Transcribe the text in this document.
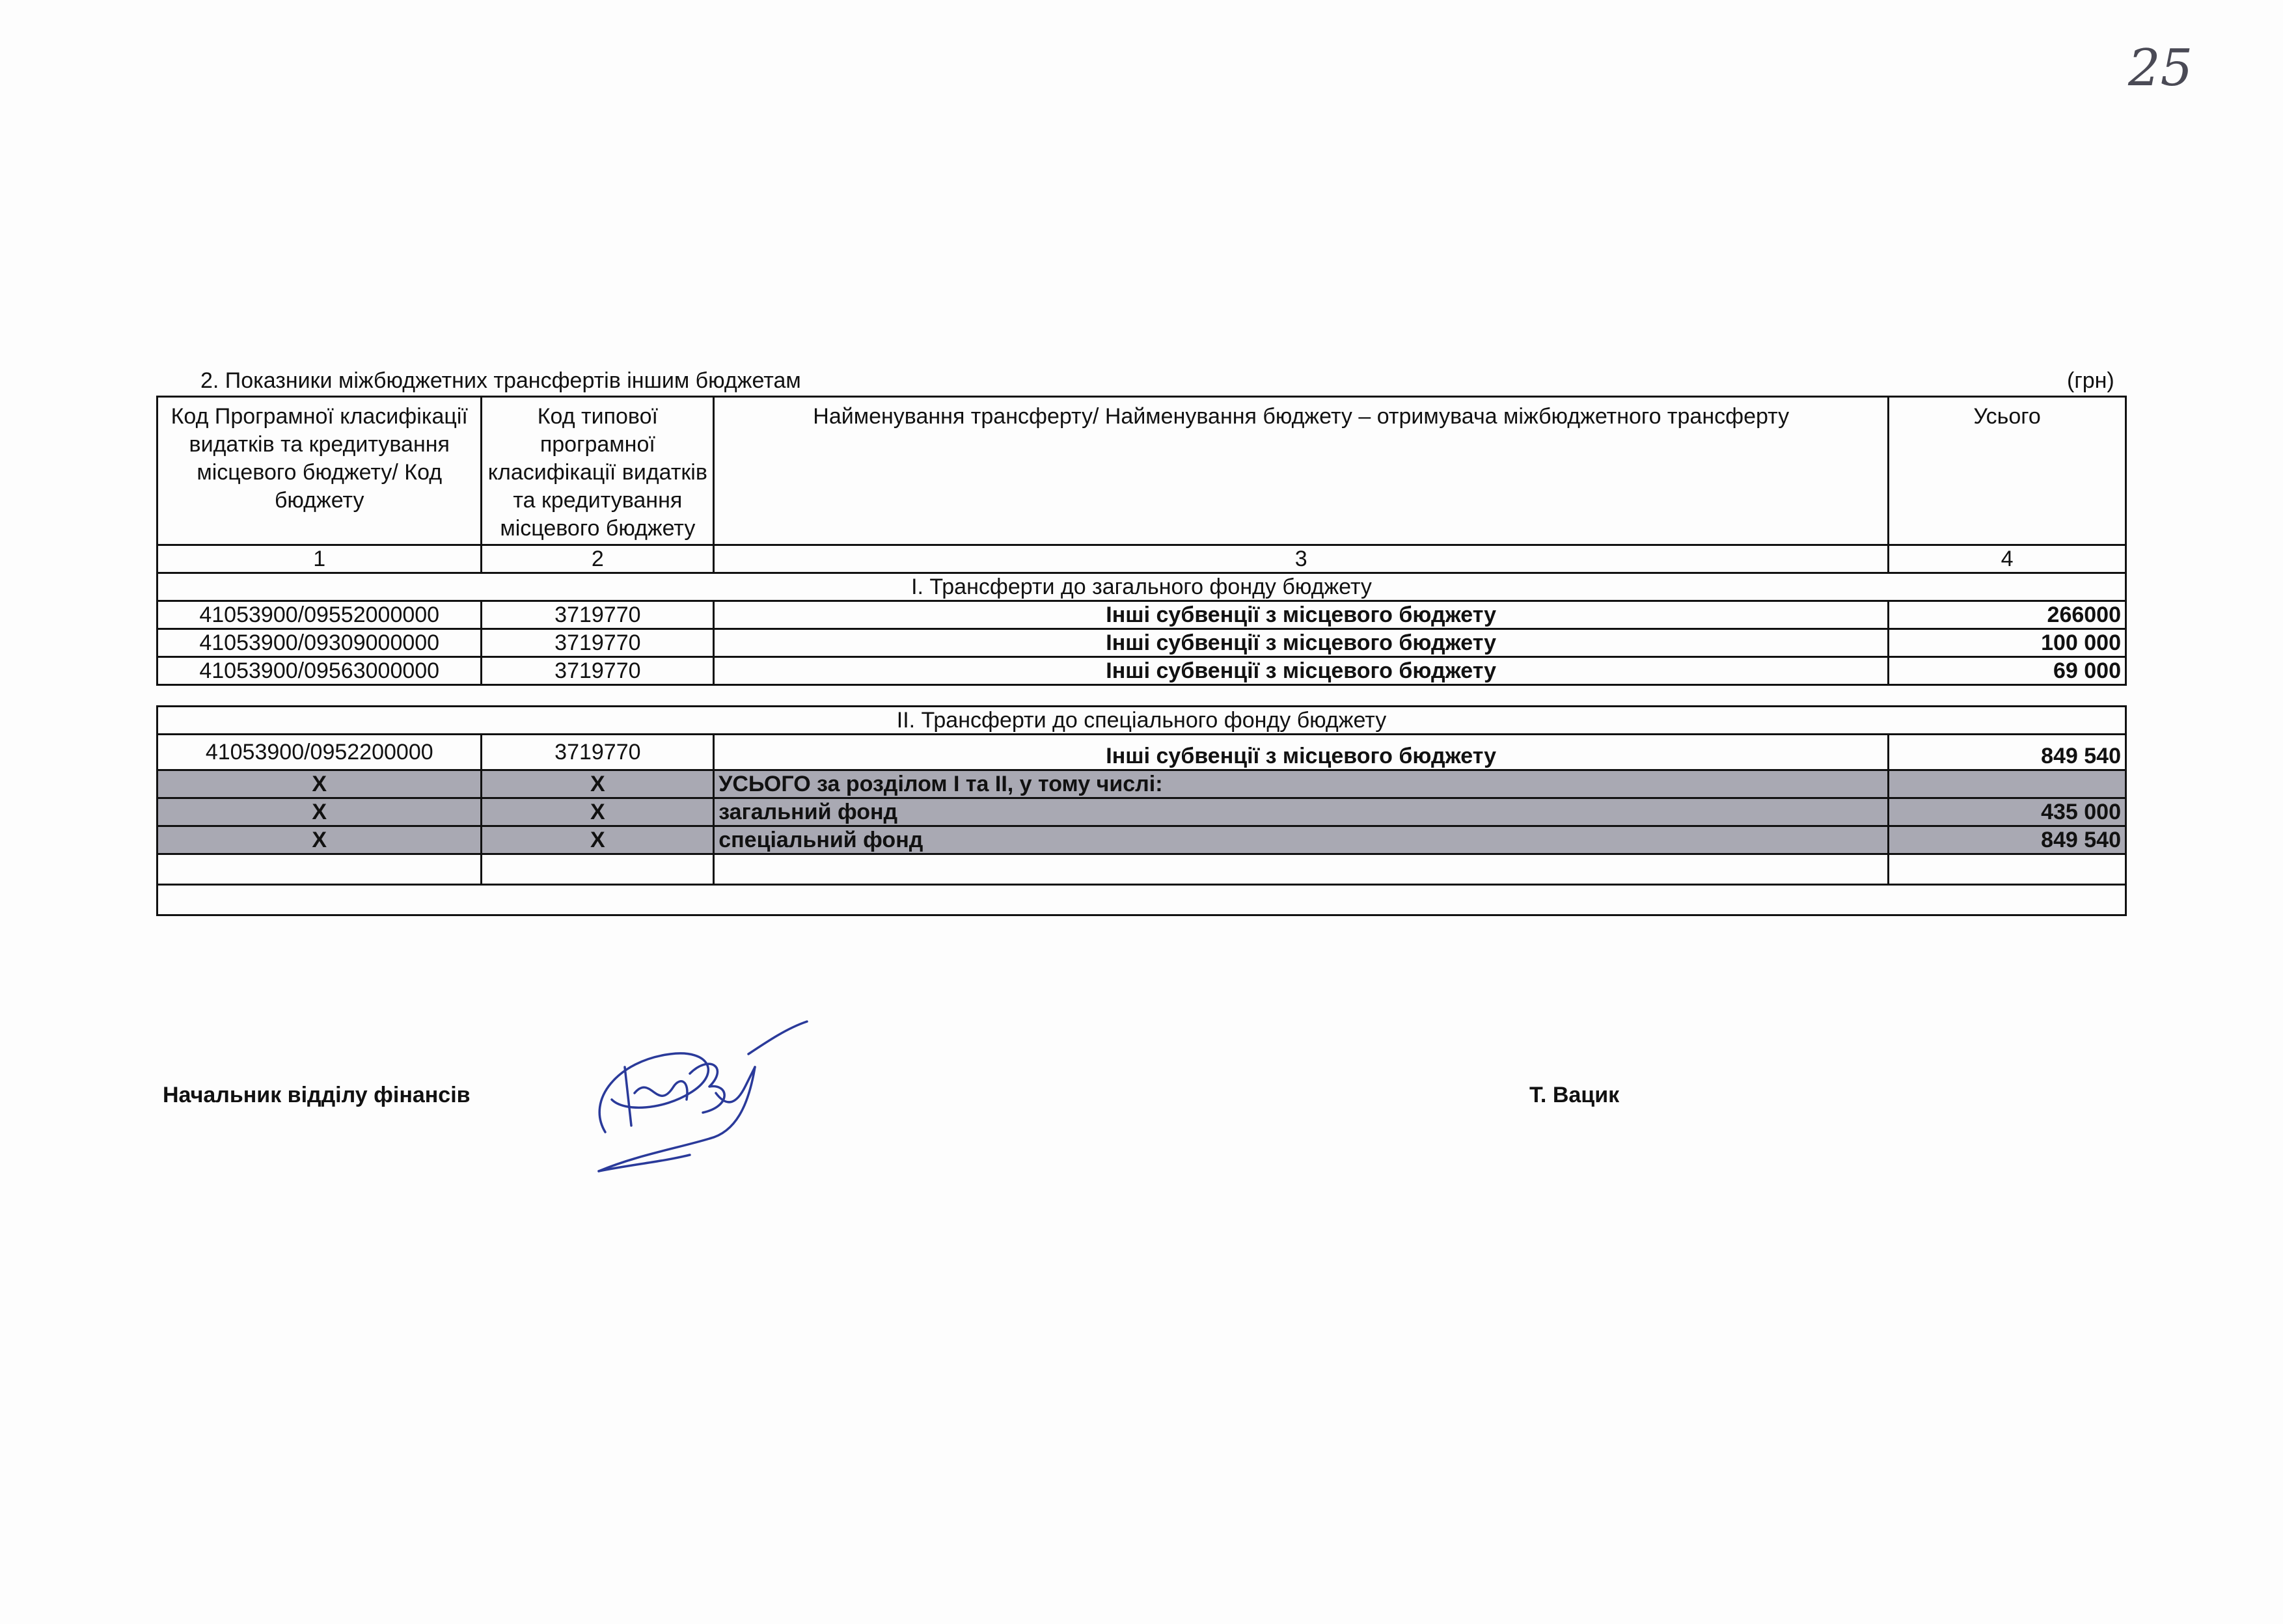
25
2. Показники міжбюджетних трансфертів іншим бюджетам	(грн)
Код Програмної класифікації видатків та кредитування місцевого бюджету/ Код бюджету	Код типової програмної класифікації видатків та кредитування місцевого бюджету	Найменування трансферту/ Найменування бюджету – отримувача міжбюджетного трансферту	Усього
1	2	3	4
І. Трансферти до загального фонду бюджету			
41053900/09552000000	3719770	Інші субвенції з місцевого бюджету	266000
41053900/09309000000	3719770	Інші субвенції з місцевого бюджету	100 000
41053900/09563000000	3719770	Інші субвенції з місцевого бюджету	69 000

ІІ. Трансферти до спеціального фонду бюджету			
41053900/0952200000	3719770	Інші субвенції з місцевого бюджету	849 540
Х	Х	УСЬОГО за розділом І та ІІ, у тому числі:	
Х	Х	загальний фонд	435 000
Х	Х	спеціальний фонд	849 540

Начальник відділу фінансів	Т. Вацик
